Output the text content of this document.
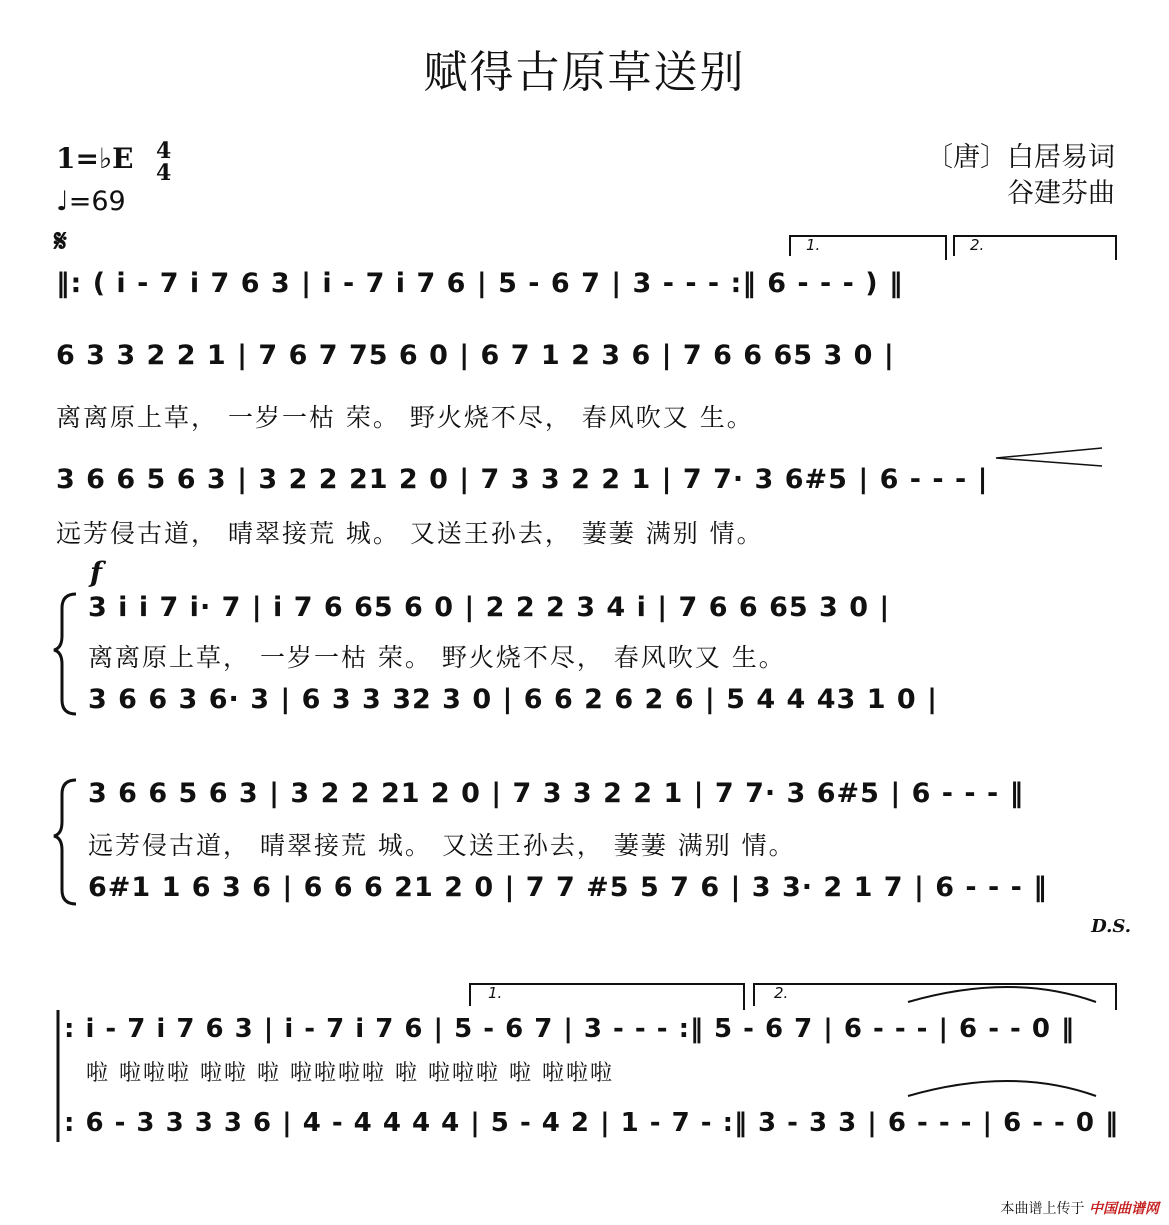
赋得古原草送别
1=♭E 4
4
♩=69
𝄋
〔唐〕白居易词
谷建芬曲
‖: ( i - 7 i 7 6 3 | i - 7 i 7 6 | 5 - 6 7 | 3 - - - :‖ 6 - - - ) ‖
1.	2.
6 3 3 2 2 1 | 7 6 7 75 6 0 | 6 7 1 2 3 6 | 7 6 6 65 3 0 |
离离原上草， 一岁一枯 荣。 野火烧不尽， 春风吹又 生。
3 6 6 5 6 3 | 3 2 2 21 2 0 | 7 3 3 2 2 1 | 7 7· 3 6#5 | 6 - - - |
远芳侵古道， 晴翠接荒 城。 又送王孙去， 萋萋 满别 情。
f
3 i i 7 i· 7 | i 7 6 65 6 0 | 2 2 2 3 4 i | 7 6 6 65 3 0 |
离离原上草， 一岁一枯 荣。 野火烧不尽， 春风吹又 生。
3 6 6 3 6· 3 | 6 3 3 32 3 0 | 6 6 2 6 2 6 | 5 4 4 43 1 0 |
3 6 6 5 6 3 | 3 2 2 21 2 0 | 7 3 3 2 2 1 | 7 7· 3 6#5 | 6 - - - ‖
远芳侵古道， 晴翠接荒 城。 又送王孙去， 萋萋 满别 情。
6#1 1 6 3 6 | 6 6 6 21 2 0 | 7 7 #5 5 7 6 | 3 3· 2 1 7 | 6 - - - ‖
D.S.
1.	2.
: i - 7 i 7 6 3 | i - 7 i 7 6 | 5 - 6 7 | 3 - - - :‖ 5 - 6 7 | 6 - - - | 6 - - 0 ‖
啦 啦啦啦 啦啦 啦 啦啦啦啦 啦 啦啦啦 啦 啦啦啦
: 6 - 3 3 3 3 6 | 4 - 4 4 4 4 | 5 - 4 2 | 1 - 7 - :‖ 3 - 3 3 | 6 - - - | 6 - - 0 ‖
本曲谱上传于 中国曲谱网
